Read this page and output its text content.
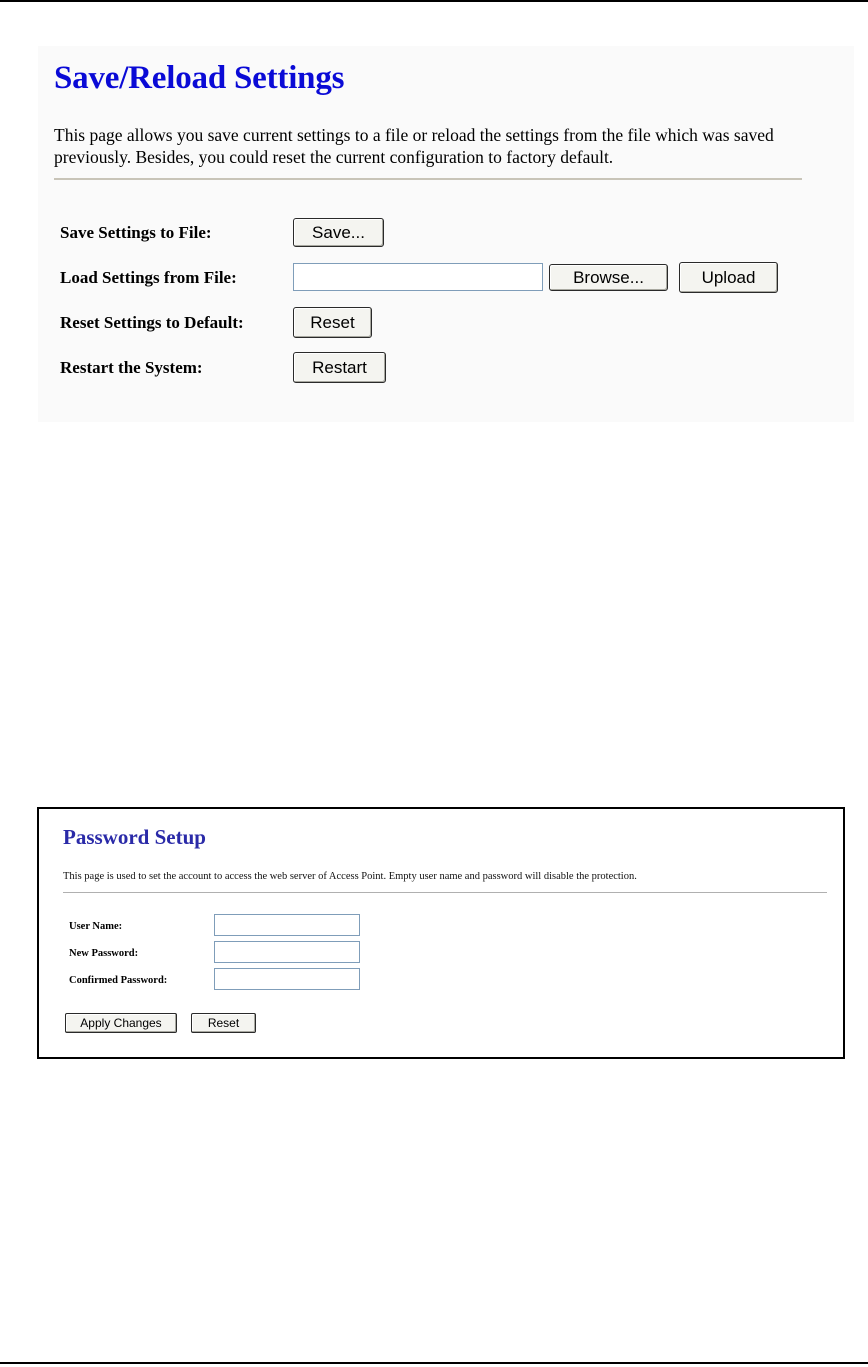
Save/Reload Settings
This page allows you save current settings to a file or reload the settings from the file which was saved previously. Besides, you could reset the current configuration to factory default.
Save Settings to File:	Save...
Load Settings from File:	Browse...	Upload
Reset Settings to Default:	Reset
Restart the System:	Restart
Password Setup
This page is used to set the account to access the web server of Access Point. Empty user name and password will disable the protection.
User Name:
New Password:
Confirmed Password:
Apply Changes	Reset
